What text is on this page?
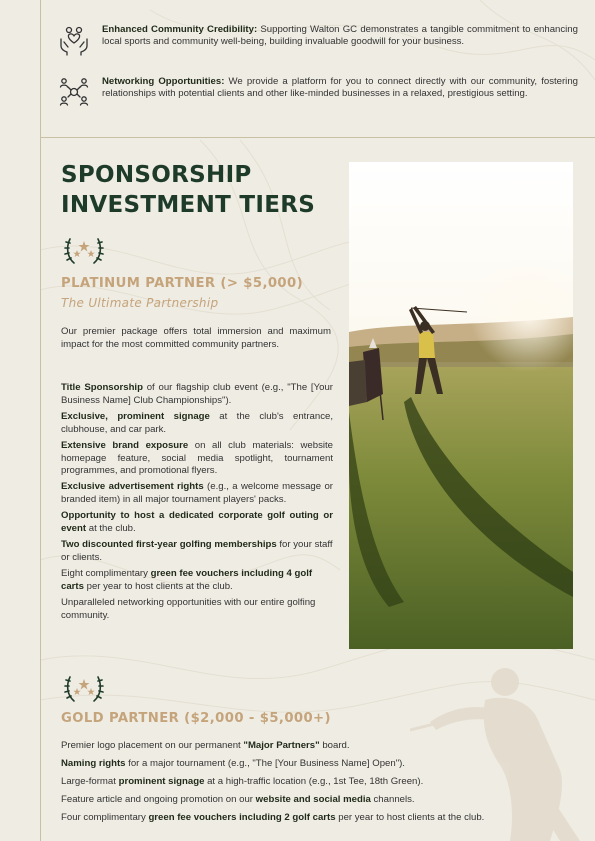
Enhanced Community Credibility: Supporting Walton GC demonstrates a tangible commitment to enhancing local sports and community well-being, building invaluable goodwill for your business.

Networking Opportunities: We provide a platform for you to connect directly with our community, fostering relationships with potential clients and other like-minded businesses in a relaxed, prestigious setting.

SPONSORSHIP
INVESTMENT TIERS
PLATINUM PARTNER (> $5,000)
The Ultimate Partnership

Our premier package offers total immersion and maximum impact for the most committed community partners.

Title Sponsorship of our flagship club event (e.g., "The [Your Business Name] Club Championships").
Exclusive, prominent signage at the club's entrance, clubhouse, and car park.
Extensive brand exposure on all club materials: website homepage feature, social media spotlight, tournament programmes, and promotional flyers.
Exclusive advertisement rights (e.g., a welcome message or branded item) in all major tournament players' packs.
Opportunity to host a dedicated corporate golf outing or event at the club.
Two discounted first-year golfing memberships for your staff or clients.
Eight complimentary green fee vouchers including 4 golf carts per year to host clients at the club.
Unparalleled networking opportunities with our entire golfing community.
GOLD PARTNER ($2,000 - $5,000+)
Premier logo placement on our permanent "Major Partners" board.
Naming rights for a major tournament (e.g., "The [Your Business Name] Open").
Large-format prominent signage at a high-traffic location (e.g., 1st Tee, 18th Green).
Feature article and ongoing promotion on our website and social media channels.
Four complimentary green fee vouchers including 2 golf carts per year to host clients at the club.
